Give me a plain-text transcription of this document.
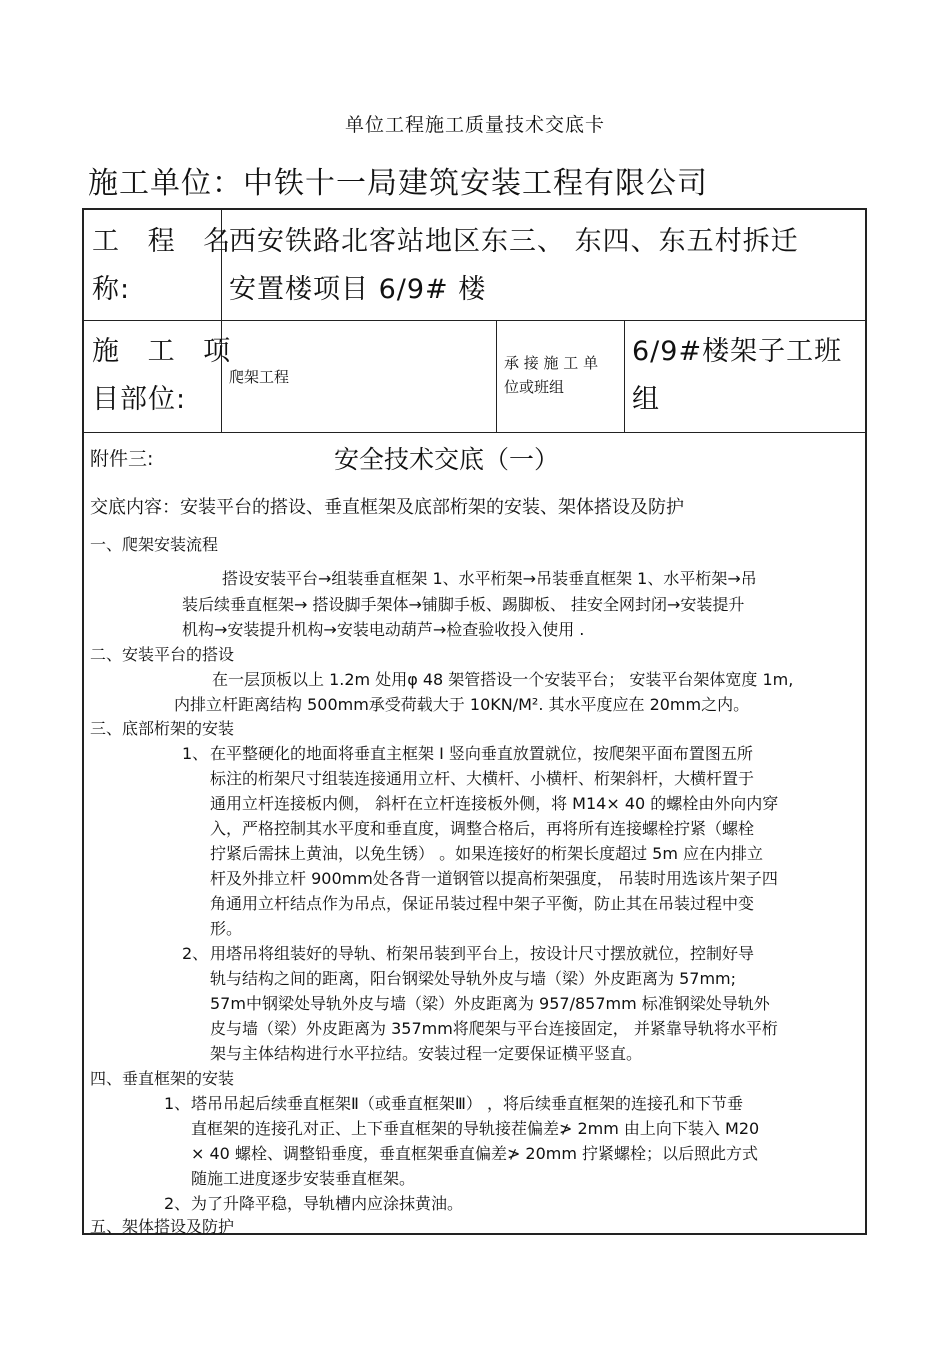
单位工程施工质量技术交底卡
施工单位：中铁十一局建筑安装工程有限公司
工 程 名
称:
西安铁路北客站地区东三、 东四、东五村拆迁
安置楼项目 6/9# 楼
施 工 项
目部位:
爬架工程
承 接 施 工 单
位或班组
6/9#楼架子工班
组
附件三:	安全技术交底（一）
交底内容：安装平台的搭设、垂直框架及底部桁架的安装、架体搭设及防护
一、爬架安装流程
搭设安装平台→组装垂直框架 1、水平桁架→吊装垂直框架 1、水平桁架→吊
装后续垂直框架→ 搭设脚手架体→铺脚手板、踢脚板、 挂安全网封闭→安装提升
机构→安装提升机构→安装电动葫芦→检查验收投入使用 .
二、安装平台的搭设
在一层顶板以上 1.2m 处用φ 48 架管搭设一个安装平台； 安装平台架体宽度 1m,
内排立杆距离结构 500mm承受荷载大于 10KN/M². 其水平度应在 20mm之内。
三、底部桁架的安装
1、 在平整硬化的地面将垂直主框架 I 竖向垂直放置就位，按爬架平面布置图五所
标注的桁架尺寸组装连接通用立杆、大横杆、小横杆、桁架斜杆，大横杆置于
通用立杆连接板内侧， 斜杆在立杆连接板外侧，将 M14× 40 的螺栓由外向内穿
入，严格控制其水平度和垂直度，调整合格后，再将所有连接螺栓拧紧（螺栓
拧紧后需抹上黄油，以免生锈） 。如果连接好的桁架长度超过 5m 应在内排立
杆及外排立杆 900mm处各背一道钢管以提高桁架强度， 吊装时用选该片架子四
角通用立杆结点作为吊点，保证吊装过程中架子平衡，防止其在吊装过程中变
形。
2、 用塔吊将组装好的导轨、桁架吊装到平台上，按设计尺寸摆放就位，控制好导
轨与结构之间的距离，阳台钢梁处导轨外皮与墙（梁）外皮距离为 57mm;
57m中钢梁处导轨外皮与墙（梁）外皮距离为 957/857mm 标准钢梁处导轨外
皮与墙（梁）外皮距离为 357mm将爬架与平台连接固定， 并紧靠导轨将水平桁
架与主体结构进行水平拉结。安装过程一定要保证横平竖直。
四、垂直框架的安装
1、 塔吊吊起后续垂直框架Ⅱ（或垂直框架Ⅲ） ，将后续垂直框架的连接孔和下节垂
直框架的连接孔对正、上下垂直框架的导轨接茬偏差≯ 2mm 由上向下装入 M20
× 40 螺栓、调整铅垂度，垂直框架垂直偏差≯ 20mm 拧紧螺栓；以后照此方式
随施工进度逐步安装垂直框架。
2、 为了升降平稳，导轨槽内应涂抹黄油。
五、架体搭设及防护
